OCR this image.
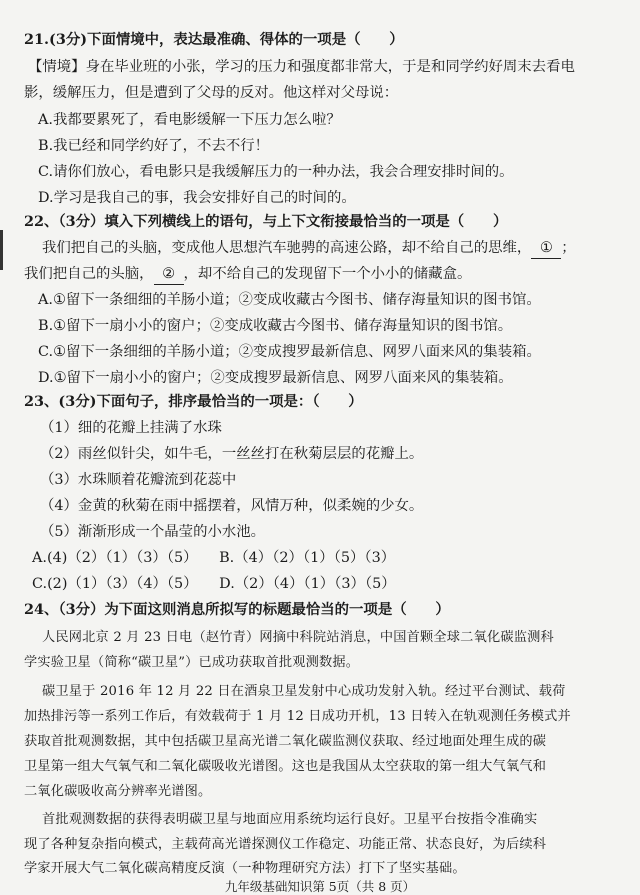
21.(3分)下面情境中，表达最准确、得体的一项是（　　）
【情境】身在毕业班的小张，学习的压力和强度都非常大，于是和同学约好周末去看电
影，缓解压力，但是遭到了父母的反对。他这样对父母说：
A.我都要累死了，看电影缓解一下压力怎么啦？
B.我已经和同学约好了，不去不行！
C.请你们放心，看电影只是我缓解压力的一种办法，我会合理安排时间的。
D.学习是我自己的事，我会安排好自己的时间的。
22、（3分）填入下列横线上的语句，与上下文衔接最恰当的一项是（　　）
我们把自己的头脑，变成他人思想汽车驰骋的高速公路，却不给自己的思维， ① ；
我们把自己的头脑， ② ，却不给自己的发现留下一个小小的储藏盒。
A.①留下一条细细的羊肠小道；②变成收藏古今图书、储存海量知识的图书馆。
B.①留下一扇小小的窗户；②变成收藏古今图书、储存海量知识的图书馆。
C.①留下一条细细的羊肠小道；②变成搜罗最新信息、网罗八面来风的集装箱。
D.①留下一扇小小的窗户；②变成搜罗最新信息、网罗八面来风的集装箱。
23、(3分)下面句子，排序最恰当的一项是：（　　）
（1）细的花瓣上挂满了水珠
（2）雨丝似针尖，如牛毛，一丝丝打在秋菊层层的花瓣上。
（3）水珠顺着花瓣流到花蕊中
（4）金黄的秋菊在雨中摇摆着，风情万种，似柔婉的少女。
（5）渐渐形成一个晶莹的小水池。
A.(4)（2）（1）（3）（5）　　B.（4）（2）（1）（5）（3）
C.(2)（1）（3）（4）（5）　　D.（2）（4）（1）（3）（5）
24、（3分）为下面这则消息所拟写的标题最恰当的一项是（　　）
人民网北京 2 月 23 日电（赵竹青）网摘中科院站消息，中国首颗全球二氧化碳监测科
学实验卫星（简称“碳卫星”）已成功获取首批观测数据。
碳卫星于 2016 年 12 月 22 日在酒泉卫星发射中心成功发射入轨。经过平台测试、载荷
加热排污等一系列工作后，有效载荷于 1 月 12 日成功开机，13 日转入在轨观测任务模式并
获取首批观测数据，其中包括碳卫星高光谱二氧化碳监测仪获取、经过地面处理生成的碳
卫星第一组大气氧气和二氧化碳吸收光谱图。这也是我国从太空获取的第一组大气氧气和
二氧化碳吸收高分辨率光谱图。
首批观测数据的获得表明碳卫星与地面应用系统均运行良好。卫星平台按指令准确实
现了各种复杂指向模式，主载荷高光谱探测仪工作稳定、功能正常、状态良好，为后续科
学家开展大气二氧化碳高精度反演（一种物理研究方法）打下了坚实基础。
九年级基础知识第 5页（共 8 页）
